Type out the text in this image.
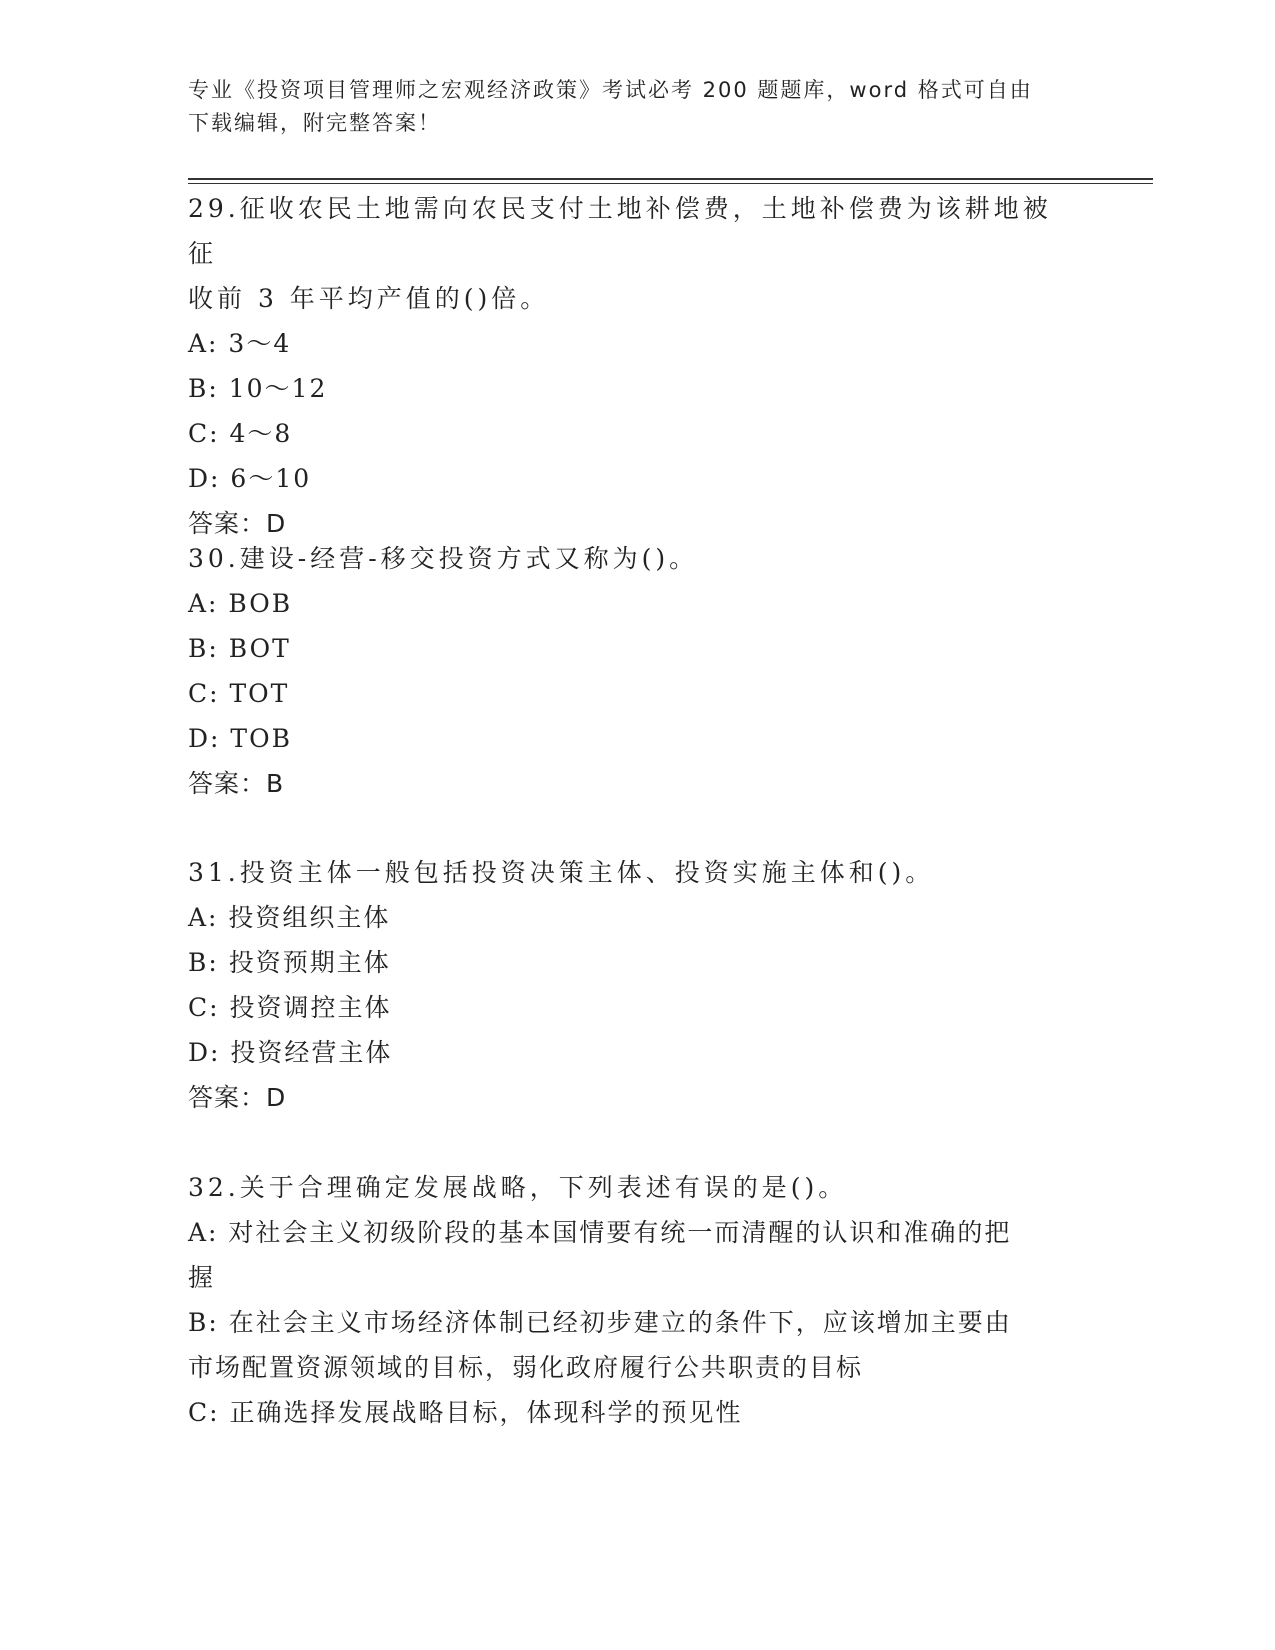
专业《投资项目管理师之宏观经济政策》考试必考 200 题题库，word 格式可自由
下载编辑，附完整答案！

29.征收农民土地需向农民支付土地补偿费，土地补偿费为该耕地被征

收前 3 年平均产值的()倍。

A: 3～4

B: 10～12

C: 4～8

D: 6～10

答案：D

30.建设-经营-移交投资方式又称为()。

A: BOB

B: BOT

C: TOT

D: TOB

答案：B

31.投资主体一般包括投资决策主体、投资实施主体和()。

A: 投资组织主体

B: 投资预期主体

C: 投资调控主体

D: 投资经营主体

答案：D

32.关于合理确定发展战略，下列表述有误的是()。

A: 对社会主义初级阶段的基本国情要有统一而清醒的认识和准确的把

握

B: 在社会主义市场经济体制已经初步建立的条件下，应该增加主要由

市场配置资源领域的目标，弱化政府履行公共职责的目标

C: 正确选择发展战略目标，体现科学的预见性
